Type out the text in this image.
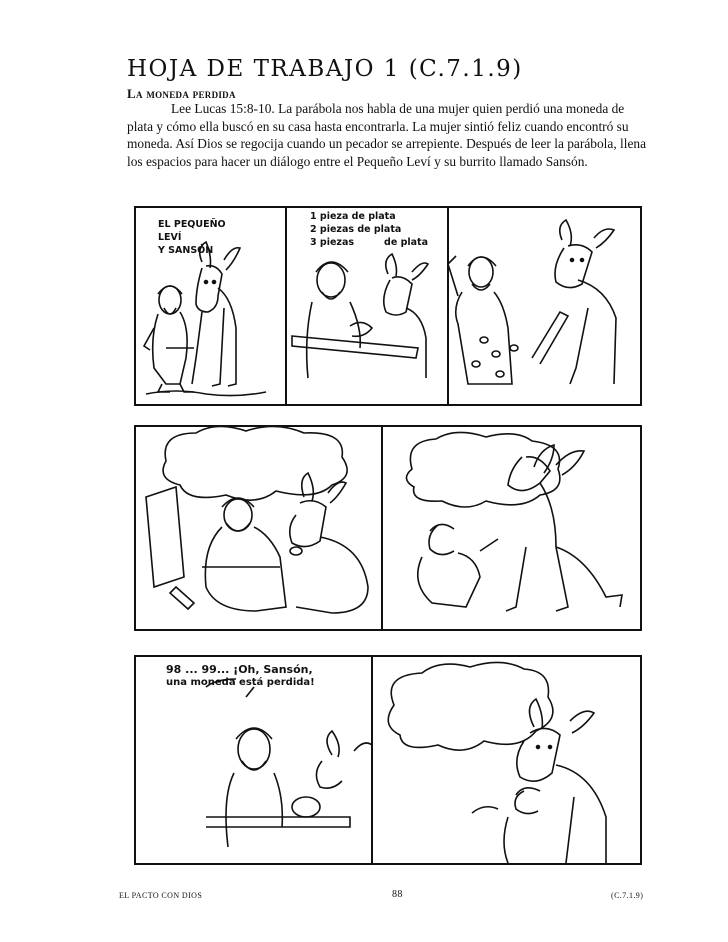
HOJA DE TRABAJO 1 (C.7.1.9)
La moneda perdida

Lee Lucas 15:8-10. La parábola nos habla de una mujer quien perdió una moneda de plata y cómo ella buscó en su casa hasta encontrarla. La mujer sintió feliz cuando encontró su moneda. Así Dios se regocija cuando un pecador se arrepiente. Después de leer la parábola, llena los espacios para hacer un diálogo entre el Pequeño Leví y su burrito llamado Sansón.

EL PEQUEÑO
LEVÍ
Y SANSÓN
1 pieza de plata
2 piezas de plata
3 piezas	de plata
98 ... 99... ¡Oh, Sansón,
una moneda está perdida!
EL PACTO CON DIOS	88	(C.7.1.9)
